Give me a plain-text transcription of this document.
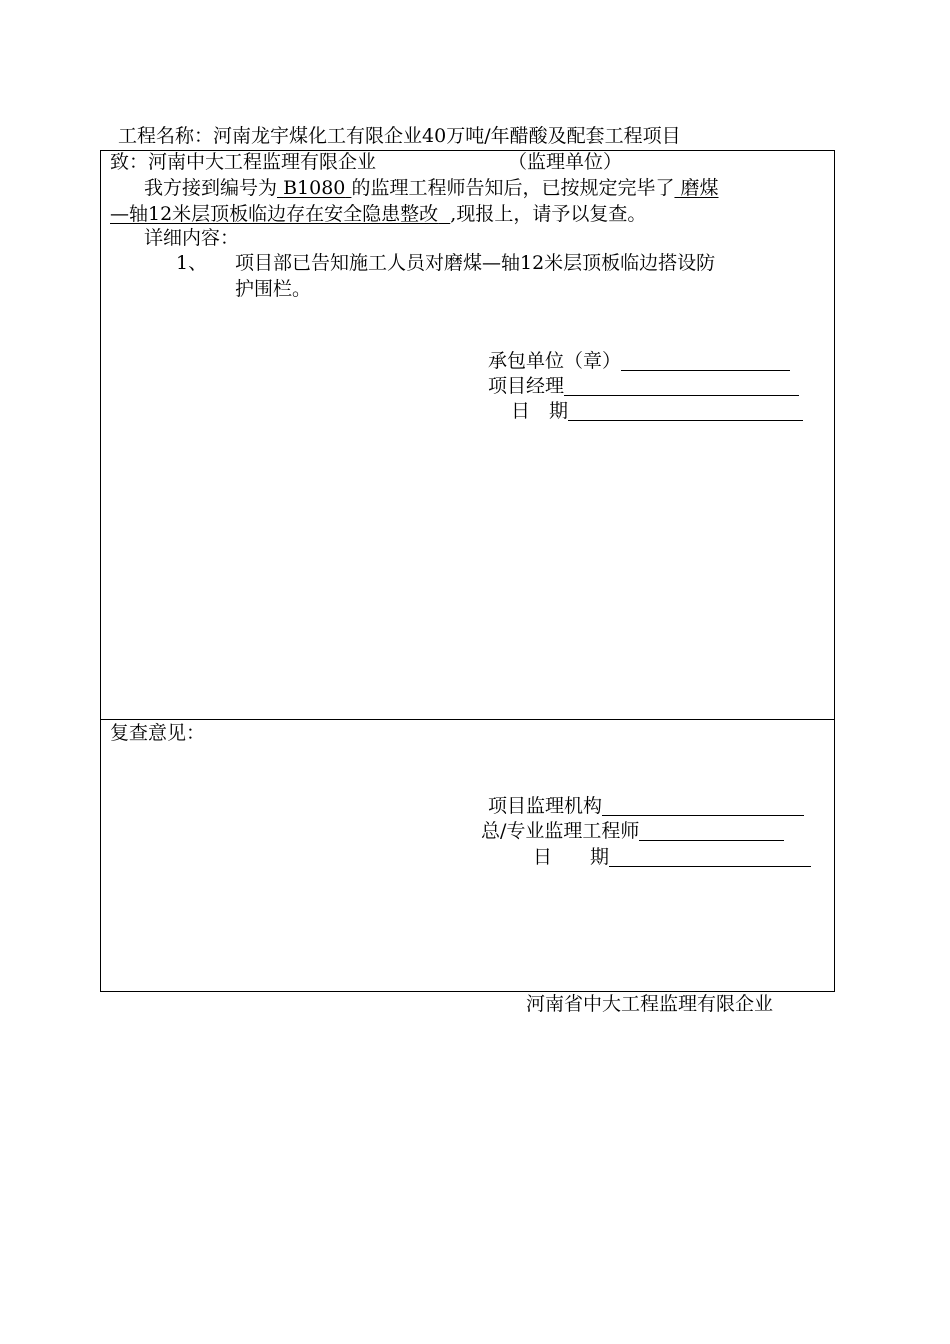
工程名称：河南龙宇煤化工有限企业40万吨/年醋酸及配套工程项目
致：河南中大工程监理有限企业	（监理单位）
我方接到编号为 B1080 的监理工程师告知后，已按规定完毕了 磨煤
—轴12米层顶板临边存在安全隐患整改 ,现报上，请予以复查。
详细内容：
1、 项目部已告知施工人员对磨煤—轴12米层顶板临边搭设防
护围栏。
承包单位（章）
项目经理
日　期
复查意见：
项目监理机构
总/专业监理工程师
日　　期
河南省中大工程监理有限企业
